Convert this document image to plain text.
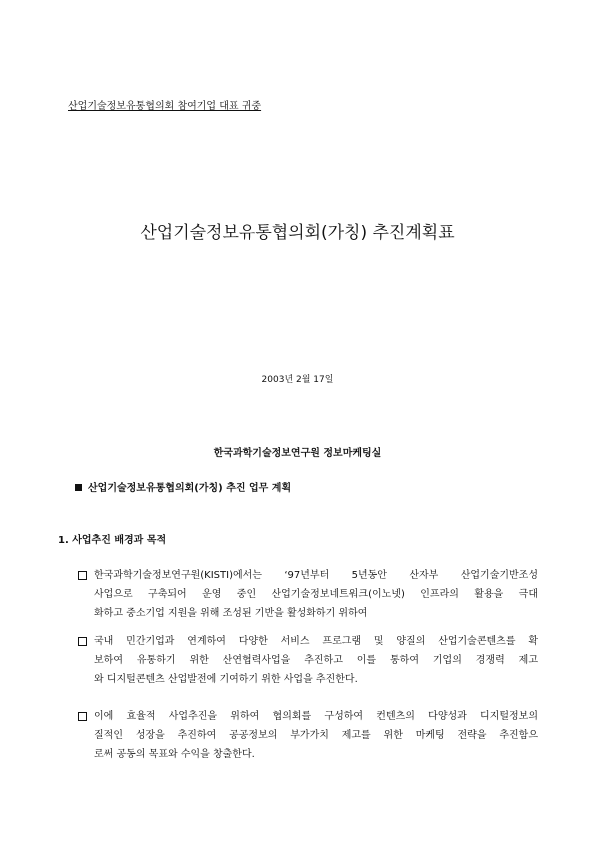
산업기술정보유통협의회 참여기업 대표 귀중
산업기술정보유통협의회(가칭) 추진계획표
2003년 2월 17일
한국과학기술정보연구원 정보마케팅실
산업기술정보유통협의회(가칭) 추진 업무 계획
1. 사업추진 배경과 목적
한국과학기술정보연구원(KISTI)에서는 ‘97년부터 5년동안 산자부 산업기술기반조성
사업으로 구축되어 운영 중인 산업기술정보네트워크(이노넷) 인프라의 활용을 극대
화하고 중소기업 지원을 위해 조성된 기반을 활성화하기 위하여
국내 민간기업과 연계하여 다양한 서비스 프로그램 및 양질의 산업기술콘텐츠를 확
보하여 유통하기 위한 산연협력사업을 추진하고 이를 통하여 기업의 경쟁력 제고
와 디지털콘텐츠 산업발전에 기여하기 위한 사업을 추진한다.
이에 효율적 사업추진을 위하여 협의회를 구성하여 컨텐츠의 다양성과 디지털정보의
질적인 성장을 추진하여 공공정보의 부가가치 제고를 위한 마케팅 전략을 추진함으
로써 공동의 목표와 수익을 창출한다.
